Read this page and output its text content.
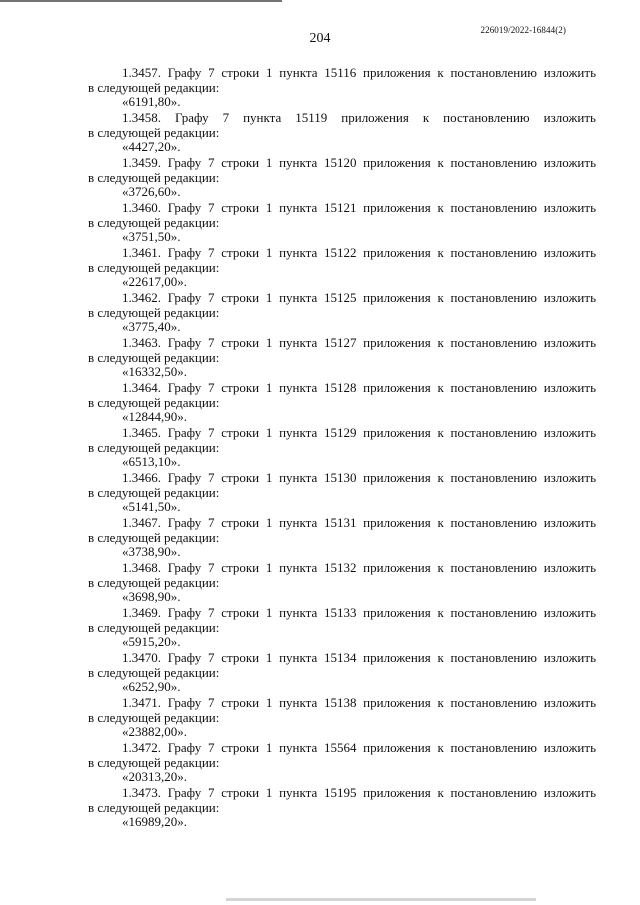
204
226019/2022-16844(2)

1.3457. Графу 7 строки 1 пункта 15116 приложения к постановлению изложить

в следующей редакции:

«6191,80».

1.3458. Графу 7 пункта 15119 приложения к постановлению изложить

в следующей редакции:

«4427,20».

1.3459. Графу 7 строки 1 пункта 15120 приложения к постановлению изложить

в следующей редакции:

«3726,60».

1.3460. Графу 7 строки 1 пункта 15121 приложения к постановлению изложить

в следующей редакции:

«3751,50».

1.3461. Графу 7 строки 1 пункта 15122 приложения к постановлению изложить

в следующей редакции:

«22617,00».

1.3462. Графу 7 строки 1 пункта 15125 приложения к постановлению изложить

в следующей редакции:

«3775,40».

1.3463. Графу 7 строки 1 пункта 15127 приложения к постановлению изложить

в следующей редакции:

«16332,50».

1.3464. Графу 7 строки 1 пункта 15128 приложения к постановлению изложить

в следующей редакции:

«12844,90».

1.3465. Графу 7 строки 1 пункта 15129 приложения к постановлению изложить

в следующей редакции:

«6513,10».

1.3466. Графу 7 строки 1 пункта 15130 приложения к постановлению изложить

в следующей редакции:

«5141,50».

1.3467. Графу 7 строки 1 пункта 15131 приложения к постановлению изложить

в следующей редакции:

«3738,90».

1.3468. Графу 7 строки 1 пункта 15132 приложения к постановлению изложить

в следующей редакции:

«3698,90».

1.3469. Графу 7 строки 1 пункта 15133 приложения к постановлению изложить

в следующей редакции:

«5915,20».

1.3470. Графу 7 строки 1 пункта 15134 приложения к постановлению изложить

в следующей редакции:

«6252,90».

1.3471. Графу 7 строки 1 пункта 15138 приложения к постановлению изложить

в следующей редакции:

«23882,00».

1.3472. Графу 7 строки 1 пункта 15564 приложения к постановлению изложить

в следующей редакции:

«20313,20».

1.3473. Графу 7 строки 1 пункта 15195 приложения к постановлению изложить

в следующей редакции:

«16989,20».
